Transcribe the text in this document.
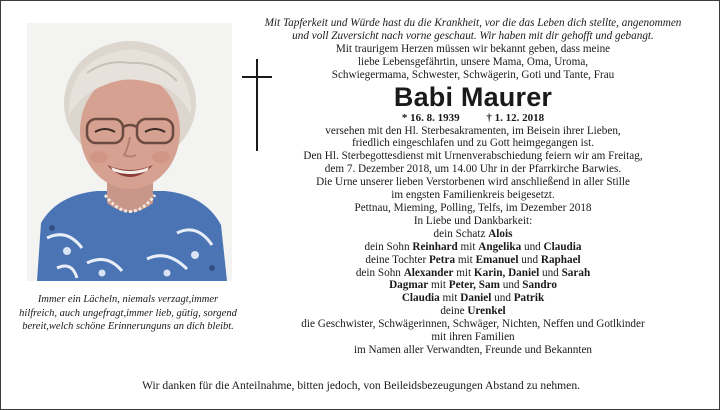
Immer ein Lächeln, niemals verzagt,immer hilfreich, auch ungefragt,immer lieb, gütig, sorgend bereit,welch schöne Erinnerunguns an dich bleibt.
Mit Tapferkeit und Würde hast du die Krankheit, vor die das Leben dich stellte, angenommen
und voll Zuversicht nach vorne geschaut. Wir haben mit dir gehofft und gebangt.
Mit traurigem Herzen müssen wir bekannt geben, dass meine
liebe Lebensgefährtin, unsere Mama, Oma, Uroma,
Schwiegermama, Schwester, Schwägerin, Goti und Tante, Frau
Babi Maurer
* 16. 8. 1939 † 1. 12. 2018
versehen mit den Hl. Sterbesakramenten, im Beisein ihrer Lieben,
friedlich eingeschlafen und zu Gott heimgegangen ist.
Den Hl. Sterbegottesdienst mit Urnenverabschiedung feiern wir am Freitag,
dem 7. Dezember 2018, um 14.00 Uhr in der Pfarrkirche Barwies.
Die Urne unserer lieben Verstorbenen wird anschließend in aller Stille
im engsten Familienkreis beigesetzt.
Pettnau, Mieming, Polling, Telfs, im Dezember 2018
In Liebe und Dankbarkeit:
dein Schatz Alois
dein Sohn Reinhard mit Angelika und Claudia
deine Tochter Petra mit Emanuel und Raphael
dein Sohn Alexander mit Karin, Daniel und Sarah
Dagmar mit Peter, Sam und Sandro
Claudia mit Daniel und Patrik
deine Urenkel
die Geschwister, Schwägerinnen, Schwäger, Nichten, Neffen und Gotlkinder
mit ihren Familien
im Namen aller Verwandten, Freunde und Bekannten
Wir danken für die Anteilnahme, bitten jedoch, von Beileidsbezeugungen Abstand zu nehmen.
